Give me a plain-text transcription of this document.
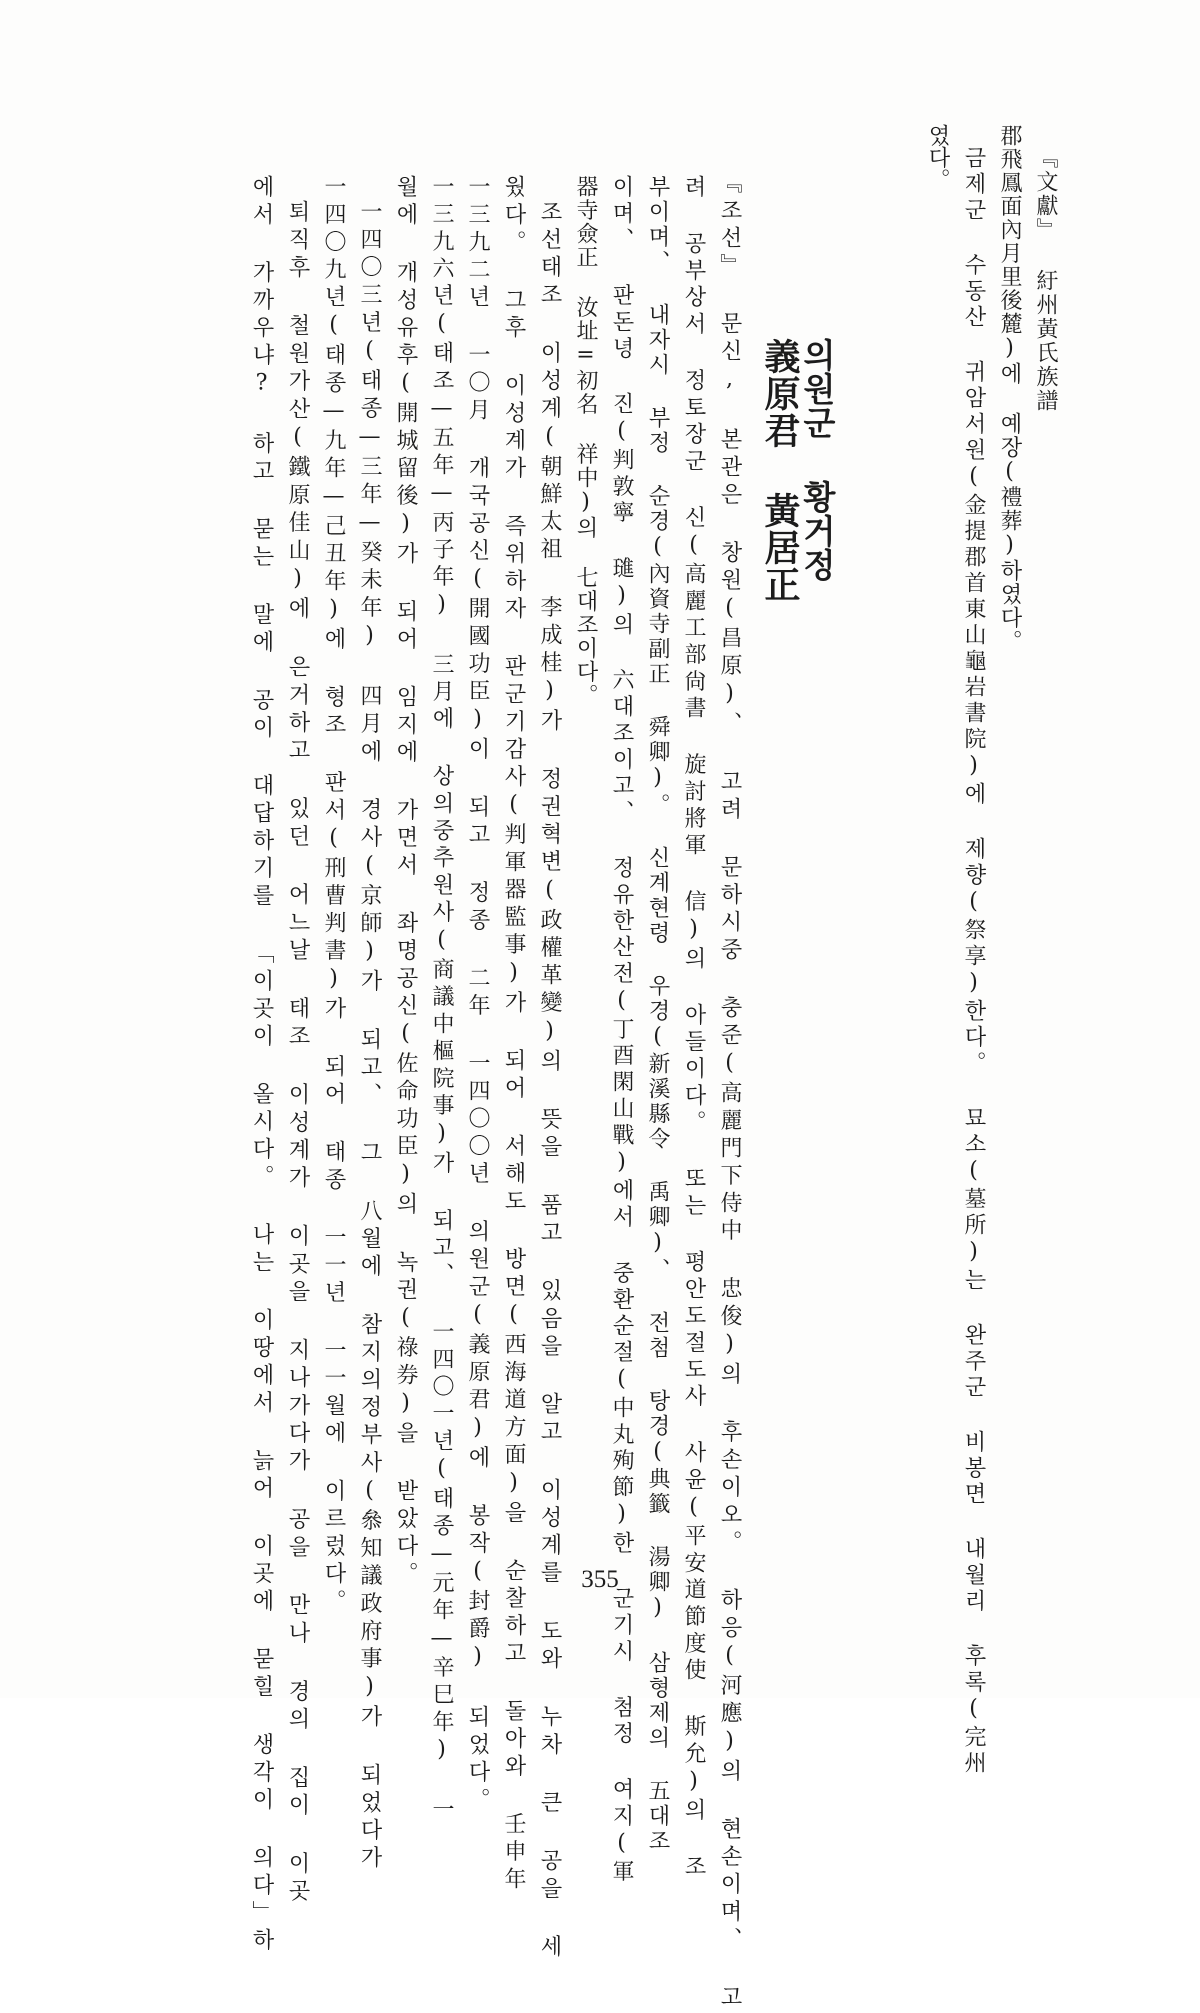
였다。 금제군 수동산 귀암서원(金提郡首東山龜岩書院)에 제향(祭享)한다。 묘소(墓所)는 완주군 비봉면 내월리 후록(完州 郡飛鳳面內月里後麓)에 예장(禮葬)하였다。 『文獻』 紆州黃氏族譜
의원군 황거정
義原君 黃居正
『조선』 문신, 본관은 창원(昌原)、 고려 문하시중 충준(高麗門下侍中 忠俊)의 후손이오。 하응(河應)의 현손이며、 고
려 공부상서 정토장군 신(高麗工部尙書 旋討將軍 信)의 아들이다。 또는 평안도절도사 사윤(平安道節度使 斯允)의 조
부이며、 내자시 부정 순경(內資寺副正 舜卿)。 신계현령 우경(新溪縣令 禹卿)、 전첨 탕경(典籤 湯卿) 삼형제의 五대조
이며、 판돈녕 진(判敦寧 璡)의 六대조이고、 정유한산전(丁酉閑山戰)에서 중환순절(中丸殉節)한 군기시 첨정 여지(軍
器寺僉正 汝址=初名 祥中)의 七대조이다。
조선태조 이성계(朝鮮太祖 李成桂)가 정권혁변(政權革變)의 뜻을 품고 있음을 알고 이성계를 도와 누차 큰 공을 세
웠다。 그후 이성계가 즉위하자 판군기감사(判軍器監事)가 되어 서해도 방면(西海道方面)을 순찰하고 돌아와 壬申年
一三九二년 一〇月 개국공신(開國功臣)이 되고 정종 二年 一四〇〇년 의원군(義原君)에 봉작(封爵) 되었다。
一三九六년(태조—五年—丙子年) 三月에 상의중추원사(商議中樞院事)가 되고、 一四〇一년(태종—元年—辛巳年) 一
월에 개성유후(開城留後)가 되어 임지에 가면서 좌명공신(佐命功臣)의 녹권(祿券)을 받았다。
一四〇三년(태종—三年—癸未年) 四月에 경사(京師)가 되고、 그 八월에 참지의정부사(叅知議政府事)가 되었다가
一四〇九년(태종—九年—己丑年)에 형조 판서(刑曹判書)가 되어 태종 一一년 一一월에 이르렀다。
퇴직후 철원가산(鐵原佳山)에 은거하고 있던 어느날 태조 이성계가 이곳을 지나가다가 공을 만나 경의 집이 이곳
에서 가까우냐? 하고 묻는 말에 공이 대답하기를 「이곳이 올시다。 나는 이땅에서 늙어 이곳에 묻힐 생각이 의다」하	355
